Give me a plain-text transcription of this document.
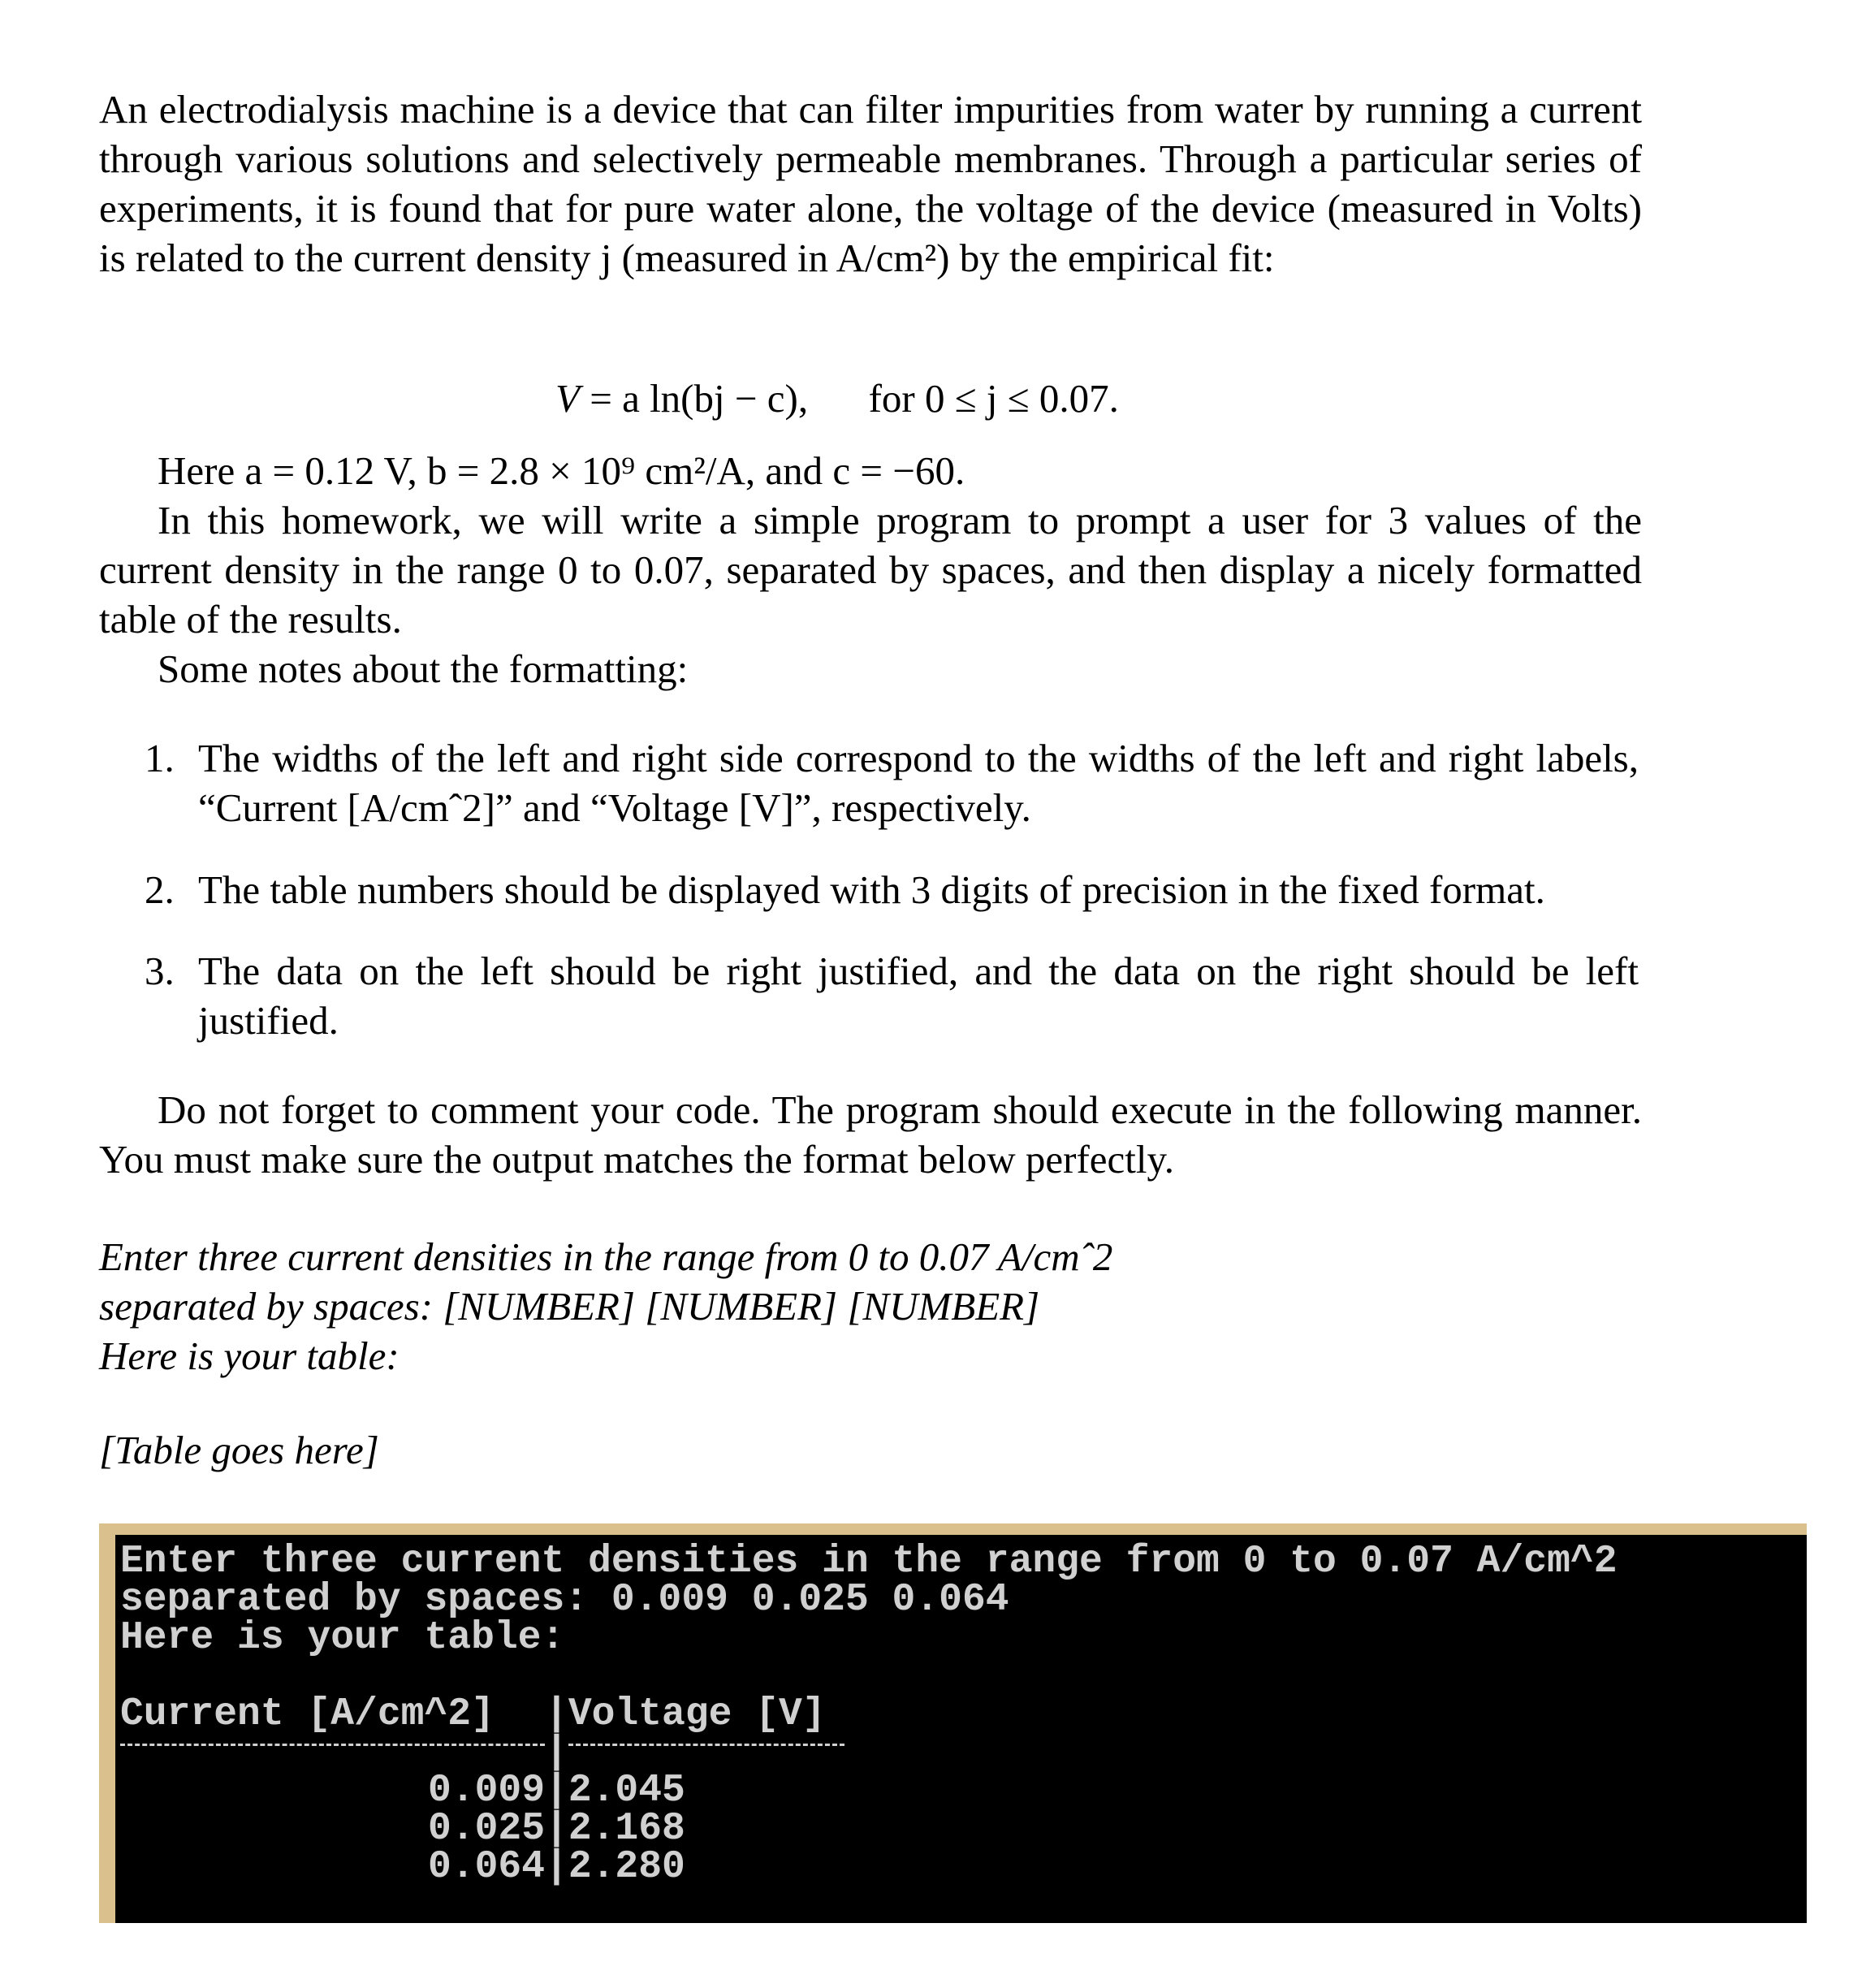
An electrodialysis machine is a device that can filter impurities from water by running a current through various solutions and selectively permeable membranes. Through a particular series of experiments, it is found that for pure water alone, the voltage of the device (measured in Volts) is related to the current density j (measured in A/cm²) by the empirical fit:
V = a ln(bj − c), for 0 ≤ j ≤ 0.07.
Here a = 0.12 V, b = 2.8 × 10⁹ cm²/A, and c = −60.
In this homework, we will write a simple program to prompt a user for 3 values of the current density in the range 0 to 0.07, separated by spaces, and then display a nicely formatted table of the results.
Some notes about the formatting:
1. The widths of the left and right side correspond to the widths of the left and right labels, “Current [A/cmˆ2]” and “Voltage [V]”, respectively.
2. The table numbers should be displayed with 3 digits of precision in the fixed format.
3. The data on the left should be right justified, and the data on the right should be left justified.
Do not forget to comment your code. The program should execute in the following manner. You must make sure the output matches the format below perfectly.
Enter three current densities in the range from 0 to 0.07 A/cmˆ2
separated by spaces: [NUMBER] [NUMBER] [NUMBER]
Here is your table:
[Table goes here]
Enter three current densities in the range from 0 to 0.07 A/cm^2
separated by spaces: 0.009 0.025 0.064
Here is your table:
Current [A/cm^2]	| Voltage [V]
|
0.009 | 2.045
0.025 | 2.168
0.064 | 2.280
